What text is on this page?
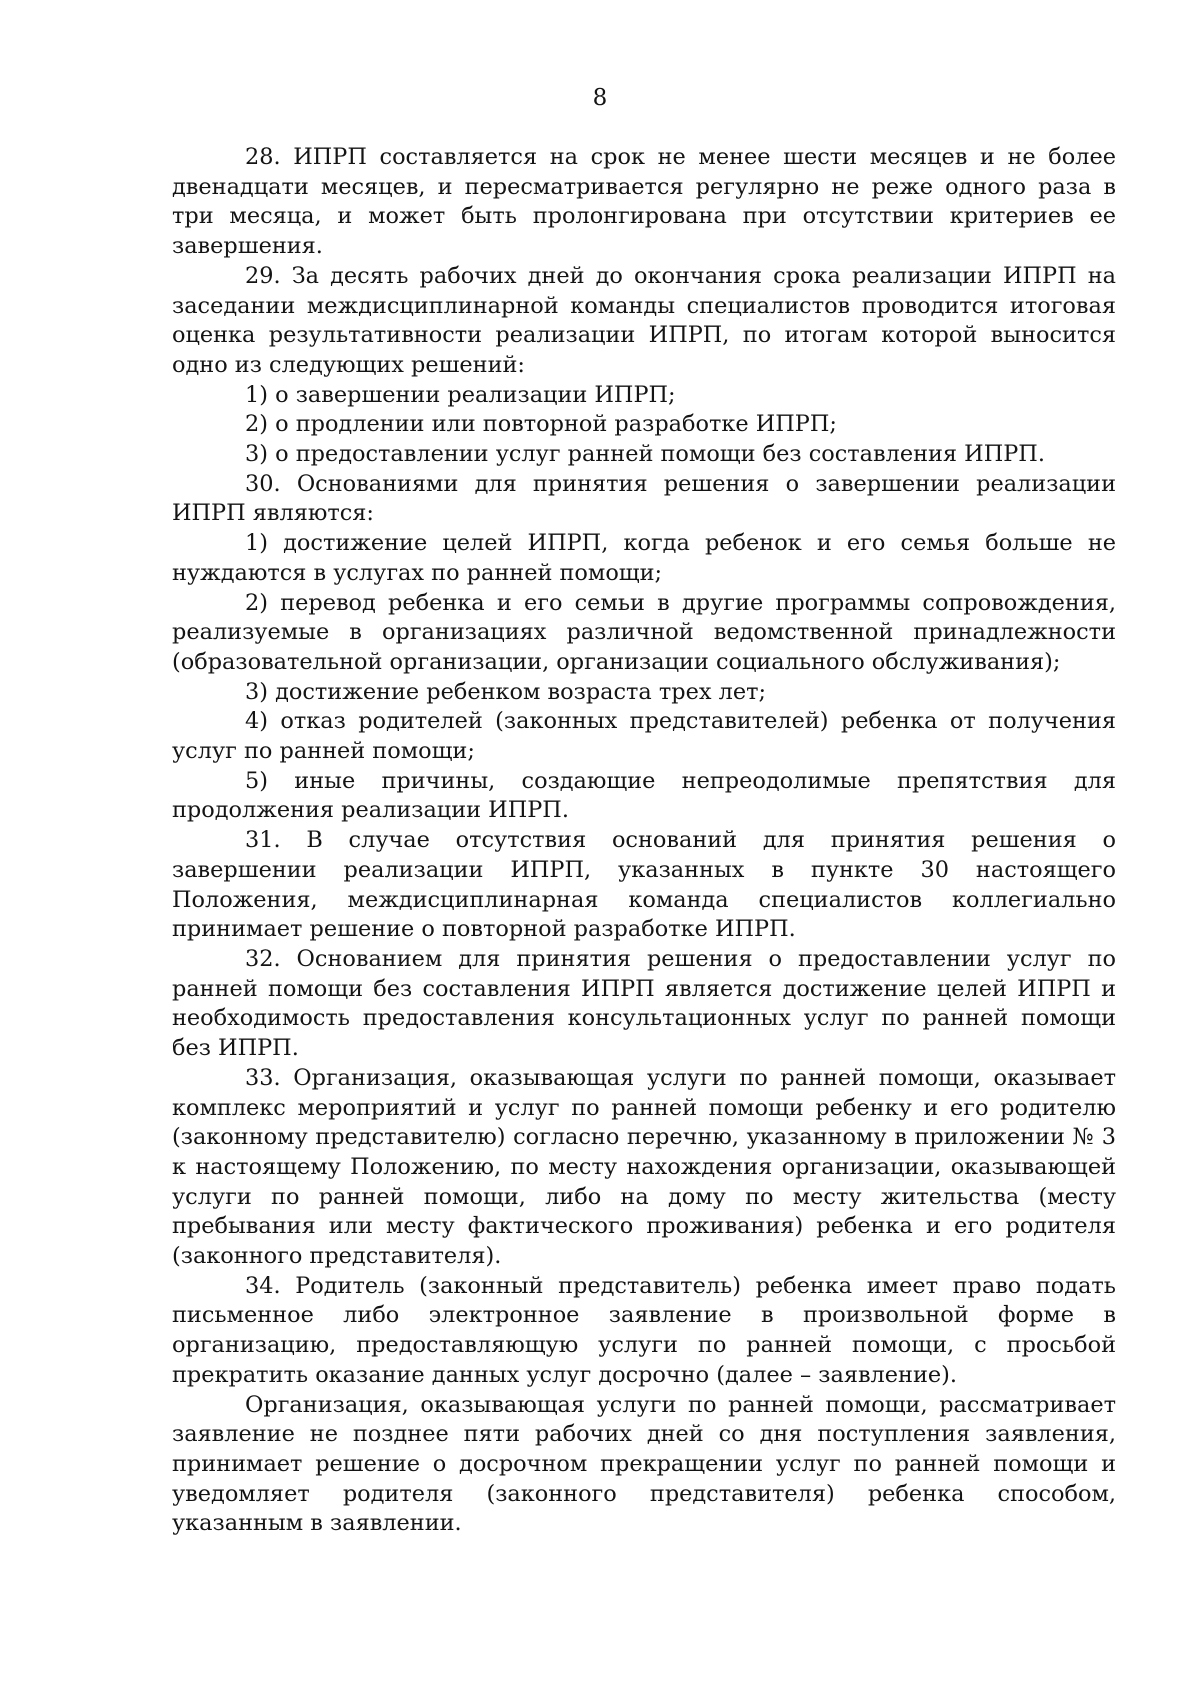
8

28. ИПРП составляется на срок не менее шести месяцев и не более двенадцати месяцев, и пересматривается регулярно не реже одного раза в три месяца, и может быть пролонгирована при отсутствии критериев ее завершения.

29. За десять рабочих дней до окончания срока реализации ИПРП на заседании междисциплинарной команды специалистов проводится итоговая оценка результативности реализации ИПРП, по итогам которой выносится одно из следующих решений:

1) о завершении реализации ИПРП;

2) о продлении или повторной разработке ИПРП;

3) о предоставлении услуг ранней помощи без составления ИПРП.

30. Основаниями для принятия решения о завершении реализации ИПРП являются:

1) достижение целей ИПРП, когда ребенок и его семья больше не нуждаются в услугах по ранней помощи;

2) перевод ребенка и его семьи в другие программы сопровождения, реализуемые в организациях различной ведомственной принадлежности (образовательной организации, организации социального обслуживания);

3) достижение ребенком возраста трех лет;

4) отказ родителей (законных представителей) ребенка от получения услуг по ранней помощи;

5) иные причины, создающие непреодолимые препятствия для продолжения реализации ИПРП.

31. В случае отсутствия оснований для принятия решения о завершении реализации ИПРП, указанных в пункте 30 настоящего Положения, междисциплинарная команда специалистов коллегиально принимает решение о повторной разработке ИПРП.

32. Основанием для принятия решения о предоставлении услуг по ранней помощи без составления ИПРП является достижение целей ИПРП и необходимость предоставления консультационных услуг по ранней помощи без ИПРП.

33. Организация, оказывающая услуги по ранней помощи, оказывает комплекс мероприятий и услуг по ранней помощи ребенку и его родителю (законному представителю) согласно перечню, указанному в приложении № 3 к настоящему Положению, по месту нахождения организации, оказывающей услуги по ранней помощи, либо на дому по месту жительства (месту пребывания или месту фактического проживания) ребенка и его родителя (законного представителя).

34. Родитель (законный представитель) ребенка имеет право подать письменное либо электронное заявление в произвольной форме в организацию, предоставляющую услуги по ранней помощи, с просьбой прекратить оказание данных услуг досрочно (далее – заявление).

Организация, оказывающая услуги по ранней помощи, рассматривает заявление не позднее пяти рабочих дней со дня поступления заявления, принимает решение о досрочном прекращении услуг по ранней помощи и уведомляет родителя (законного представителя) ребенка способом, указанным в заявлении.
